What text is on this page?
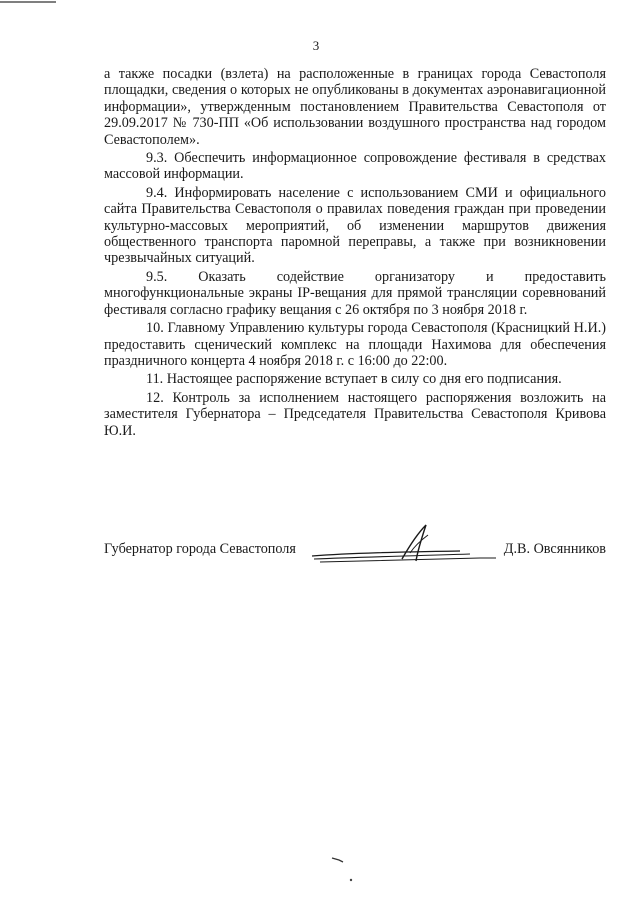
3

а также посадки (взлета) на расположенные в границах города Севастополя площадки, сведения о которых не опубликованы в документах аэронавигационной информации», утвержденным постановлением Правительства Севастополя от 29.09.2017 № 730-ПП «Об использовании воздушного пространства над городом Севастополем».

9.3. Обеспечить информационное сопровождение фестиваля в средствах массовой информации.

9.4. Информировать население с использованием СМИ и официального сайта Правительства Севастополя о правилах поведения граждан при проведении культурно-массовых мероприятий, об изменении маршрутов движения общественного транспорта паромной переправы, а также при возникновении чрезвычайных ситуаций.

9.5. Оказать содействие организатору и предоставить многофункциональные экраны IP-вещания для прямой трансляции соревнований фестиваля согласно графику вещания с 26 октября по 3 ноября 2018 г.

10. Главному Управлению культуры города Севастополя (Красницкий Н.И.) предоставить сценический комплекс на площади Нахимова для обеспечения праздничного концерта 4 ноября 2018 г. с 16:00 до 22:00.

11. Настоящее распоряжение вступает в силу со дня его подписания.

12. Контроль за исполнением настоящего распоряжения возложить на заместителя Губернатора – Председателя Правительства Севастополя Кривова Ю.И.

Губернатор города Севастополя	Д.В. Овсянников
